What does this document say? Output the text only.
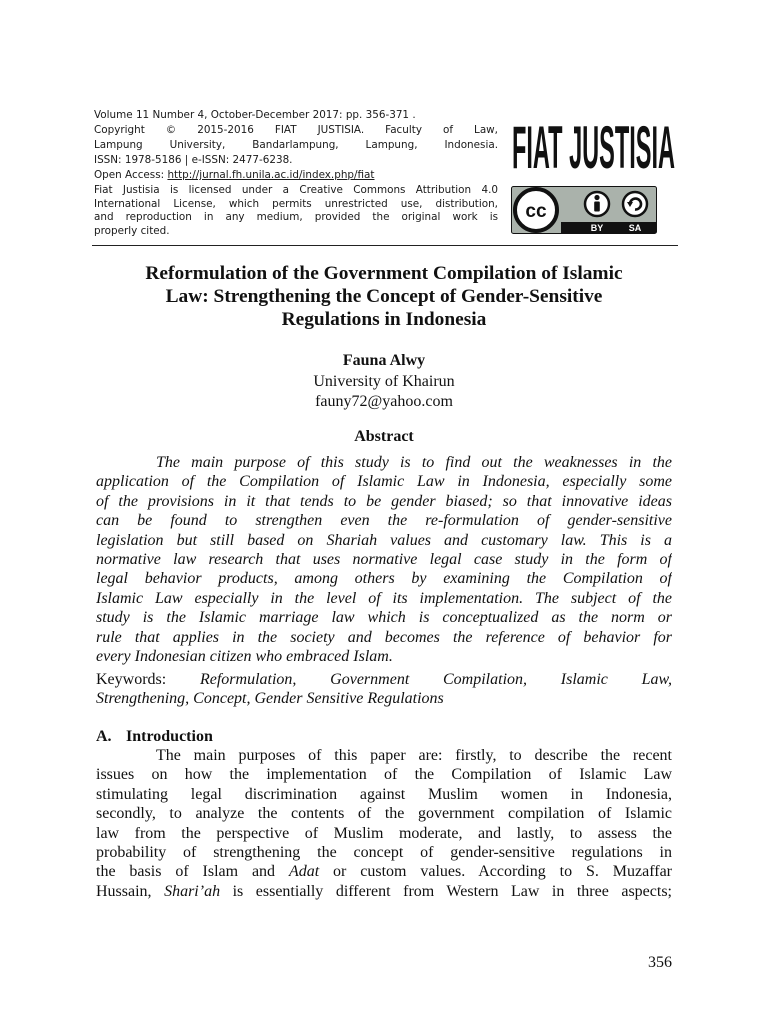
Volume 11 Number 4, October-December 2017: pp. 356-371 .
Copyright © 2015-2016 FIAT JUSTISIA. Faculty of Law,
Lampung University, Bandarlampung, Lampung, Indonesia.
ISSN: 1978-5186 | e-ISSN: 2477-6238.
Open Access: http://jurnal.fh.unila.ac.id/index.php/fiat
Fiat Justisia is licensed under a Creative Commons Attribution 4.0
International License, which permits unrestricted use, distribution,
and reproduction in any medium, provided the original work is
properly cited.
FIAT JUSTISIA
cc
BY	SA
Reformulation of the Government Compilation of Islamic
Law: Strengthening the Concept of Gender-Sensitive
Regulations in Indonesia
Fauna Alwy
University of Khairun
fauny72@yahoo.com
Abstract
The main purpose of this study is to find out the weaknesses in the
application of the Compilation of Islamic Law in Indonesia, especially some
of the provisions in it that tends to be gender biased; so that innovative ideas
can be found to strengthen even the re-formulation of gender-sensitive
legislation but still based on Shariah values and customary law. This is a
normative law research that uses normative legal case study in the form of
legal behavior products, among others by examining the Compilation of
Islamic Law especially in the level of its implementation. The subject of the
study is the Islamic marriage law which is conceptualized as the norm or
rule that applies in the society and becomes the reference of behavior for
every Indonesian citizen who embraced Islam.
Keywords: Reformulation, Government Compilation, Islamic Law,
Strengthening, Concept, Gender Sensitive Regulations
A. Introduction
The main purposes of this paper are: firstly, to describe the recent
issues on how the implementation of the Compilation of Islamic Law
stimulating legal discrimination against Muslim women in Indonesia,
secondly, to analyze the contents of the government compilation of Islamic
law from the perspective of Muslim moderate, and lastly, to assess the
probability of strengthening the concept of gender-sensitive regulations in
the basis of Islam and Adat or custom values. According to S. Muzaffar
Hussain, Shari’ah is essentially different from Western Law in three aspects;
356
